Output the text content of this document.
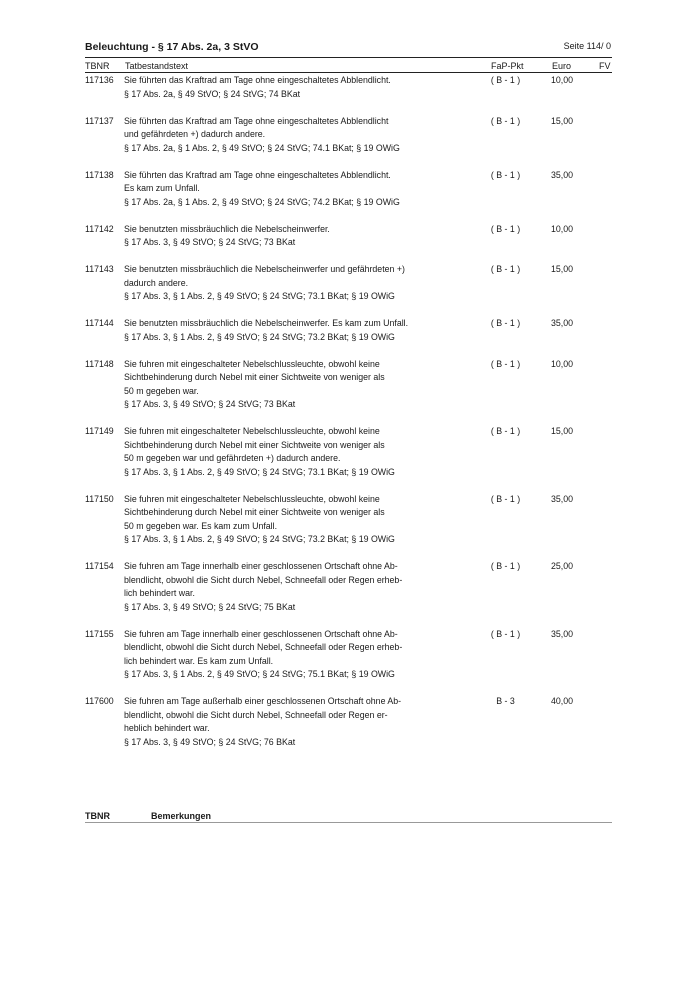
Beleuchtung - § 17 Abs. 2a, 3 StVO	Seite 114/ 0
TBNR Tatbestandstext	FaP-Pkt	Euro	FV
117136 Sie führten das Kraftrad am Tage ohne eingeschaltetes Abblendlicht.
§ 17 Abs. 2a, § 49 StVO; § 24 StVG; 74 BKat
( B - 1 )	10,00
117137 Sie führten das Kraftrad am Tage ohne eingeschaltetes Abblendlicht
und gefährdeten +) dadurch andere.
§ 17 Abs. 2a, § 1 Abs. 2, § 49 StVO; § 24 StVG; 74.1 BKat; § 19 OWiG
( B - 1 )	15,00
117138 Sie führten das Kraftrad am Tage ohne eingeschaltetes Abblendlicht.
Es kam zum Unfall.
§ 17 Abs. 2a, § 1 Abs. 2, § 49 StVO; § 24 StVG; 74.2 BKat; § 19 OWiG
( B - 1 )	35,00
117142 Sie benutzten missbräuchlich die Nebelscheinwerfer.
§ 17 Abs. 3, § 49 StVO; § 24 StVG; 73 BKat
( B - 1 )	10,00
117143 Sie benutzten missbräuchlich die Nebelscheinwerfer und gefährdeten +)
dadurch andere.
§ 17 Abs. 3, § 1 Abs. 2, § 49 StVO; § 24 StVG; 73.1 BKat; § 19 OWiG
( B - 1 )	15,00
117144 Sie benutzten missbräuchlich die Nebelscheinwerfer. Es kam zum Unfall.
§ 17 Abs. 3, § 1 Abs. 2, § 49 StVO; § 24 StVG; 73.2 BKat; § 19 OWiG
( B - 1 )	35,00
117148 Sie fuhren mit eingeschalteter Nebelschlussleuchte, obwohl keine
Sichtbehinderung durch Nebel mit einer Sichtweite von weniger als
50 m gegeben war.
§ 17 Abs. 3, § 49 StVO; § 24 StVG; 73 BKat
( B - 1 )	10,00
117149 Sie fuhren mit eingeschalteter Nebelschlussleuchte, obwohl keine
Sichtbehinderung durch Nebel mit einer Sichtweite von weniger als
50 m gegeben war und gefährdeten +) dadurch andere.
§ 17 Abs. 3, § 1 Abs. 2, § 49 StVO; § 24 StVG; 73.1 BKat; § 19 OWiG
( B - 1 )	15,00
117150 Sie fuhren mit eingeschalteter Nebelschlussleuchte, obwohl keine
Sichtbehinderung durch Nebel mit einer Sichtweite von weniger als
50 m gegeben war. Es kam zum Unfall.
§ 17 Abs. 3, § 1 Abs. 2, § 49 StVO; § 24 StVG; 73.2 BKat; § 19 OWiG
( B - 1 )	35,00
117154 Sie fuhren am Tage innerhalb einer geschlossenen Ortschaft ohne Ab-
blendlicht, obwohl die Sicht durch Nebel, Schneefall oder Regen erheb-
lich behindert war.
§ 17 Abs. 3, § 49 StVO; § 24 StVG; 75 BKat
( B - 1 )	25,00
117155 Sie fuhren am Tage innerhalb einer geschlossenen Ortschaft ohne Ab-
blendlicht, obwohl die Sicht durch Nebel, Schneefall oder Regen erheb-
lich behindert war. Es kam zum Unfall.
§ 17 Abs. 3, § 1 Abs. 2, § 49 StVO; § 24 StVG; 75.1 BKat; § 19 OWiG
( B - 1 )	35,00
117600 Sie fuhren am Tage außerhalb einer geschlossenen Ortschaft ohne Ab-
blendlicht, obwohl die Sicht durch Nebel, Schneefall oder Regen er-
heblich behindert war.
§ 17 Abs. 3, § 49 StVO; § 24 StVG; 76 BKat
B - 3	40,00
TBNR	Bemerkungen
